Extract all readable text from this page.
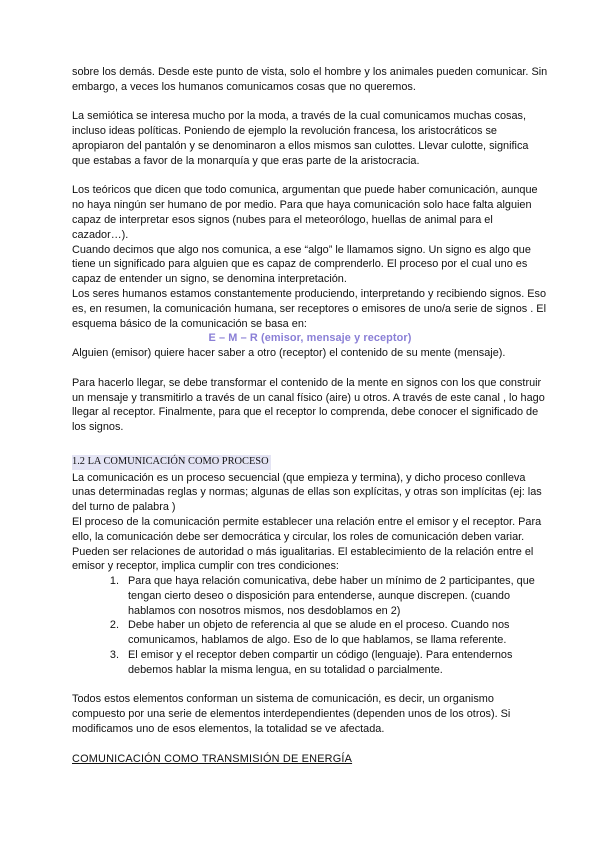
sobre los demás. Desde este punto de vista, solo el hombre y los animales pueden comunicar. Sin embargo, a veces los humanos comunicamos cosas que no queremos.

La semiótica se interesa mucho por la moda, a través de la cual comunicamos muchas cosas, incluso ideas políticas. Poniendo de ejemplo la revolución francesa, los aristocráticos se apropiaron del pantalón y se denominaron a ellos mismos san culottes. Llevar culotte, significa que estabas a favor de la monarquía y que eras parte de la aristocracia.

Los teóricos que dicen que todo comunica, argumentan que puede haber comunicación, aunque no haya ningún ser humano de por medio. Para que haya comunicación solo hace falta alguien capaz de interpretar esos signos (nubes para el meteorólogo, huellas de animal para el cazador…).

Cuando decimos que algo nos comunica, a ese “algo” le llamamos signo. Un signo es algo que tiene un significado para alguien que es capaz de comprenderlo. El proceso por el cual uno es capaz de entender un signo, se denomina interpretación.

Los seres humanos estamos constantemente produciendo, interpretando y recibiendo signos. Eso es, en resumen, la comunicación humana, ser receptores o emisores de uno/a serie de signos . El esquema básico de la comunicación se basa en:

E – M – R (emisor, mensaje y receptor)

Alguien (emisor) quiere hacer saber a otro (receptor) el contenido de su mente (mensaje).

Para hacerlo llegar, se debe transformar el contenido de la mente en signos con los que construir un mensaje y transmitirlo a través de un canal físico (aire) u otros. A través de este canal , lo hago llegar al receptor. Finalmente, para que el receptor lo comprenda, debe conocer el significado de los signos.

1.2 LA COMUNICACIÓN COMO PROCESO

La comunicación es un proceso secuencial (que empieza y termina), y dicho proceso conlleva unas determinadas reglas y normas; algunas de ellas son explícitas, y otras son implícitas (ej: las del turno de palabra )

El proceso de la comunicación permite establecer una relación entre el emisor y el receptor. Para ello, la comunicación debe ser democrática y circular, los roles de comunicación deben variar. Pueden ser relaciones de autoridad o más igualitarias. El establecimiento de la relación entre el emisor y receptor, implica cumplir con tres condiciones:

1. Para que haya relación comunicativa, debe haber un mínimo de 2 participantes, que tengan cierto deseo o disposición para entenderse, aunque discrepen. (cuando hablamos con nosotros mismos, nos desdoblamos en 2)
2. Debe haber un objeto de referencia al que se alude en el proceso. Cuando nos comunicamos, hablamos de algo. Eso de lo que hablamos, se llama referente.
3. El emisor y el receptor deben compartir un código (lenguaje). Para entendernos debemos hablar la misma lengua, en su totalidad o parcialmente.

Todos estos elementos conforman un sistema de comunicación, es decir, un organismo compuesto por una serie de elementos interdependientes (dependen unos de los otros). Si modificamos uno de esos elementos, la totalidad se ve afectada.

COMUNICACIÓN COMO TRANSMISIÓN DE ENERGÍA
